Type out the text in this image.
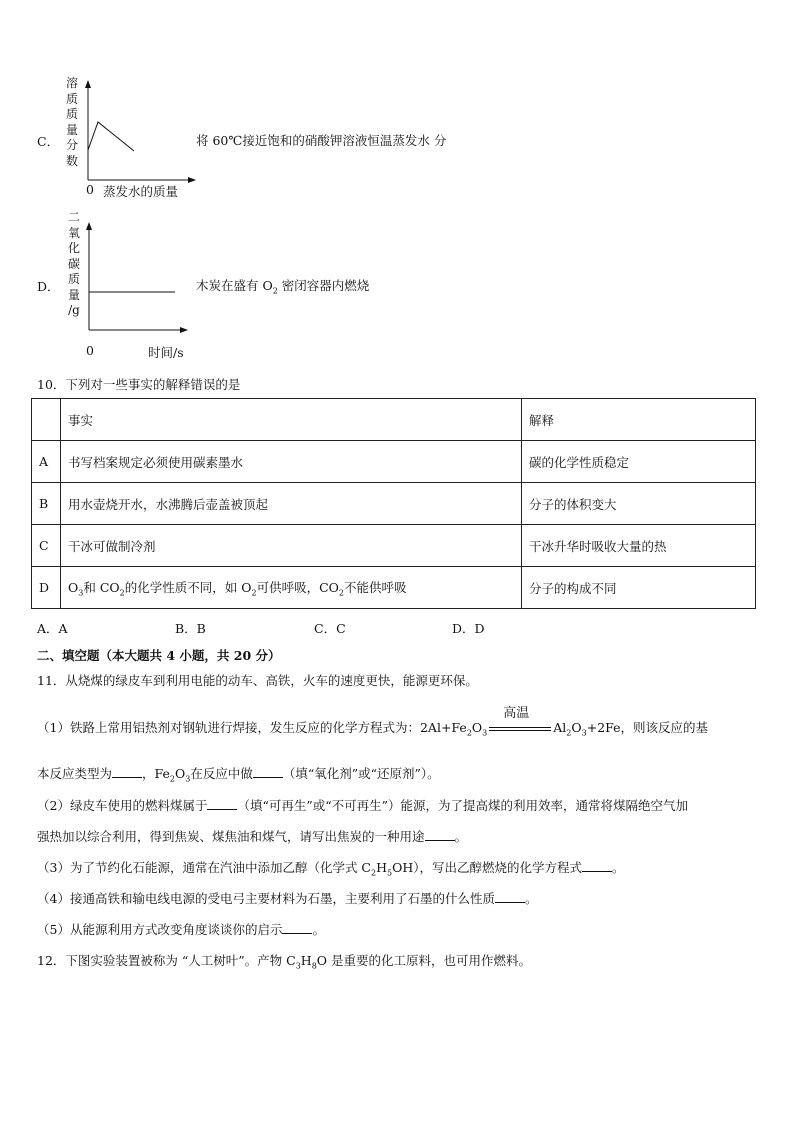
C．
溶
质
质
量
分
数
0 蒸发水的质量
将 60℃接近饱和的硝酸钾溶液恒温蒸发水 分
D．
二
氧
化
碳
质
量
/g
0	时间/s
木炭在盛有 $O_2$ 密闭容器内燃烧
10．下列对一些事实的解释错误的是
	事实	解释
A	书写档案规定必须使用碳素墨水	碳的化学性质稳定
B	用水壶烧开水，水沸腾后壶盖被顶起	分子的体积变大
C	干冰可做制冷剂	干冰升华时吸收大量的热
D	$O_3$和 $CO_2$的化学性质不同，如 $O_2$可供呼吸，$CO_2$不能供呼吸	分子的构成不同
A．A	B．B	C．C	D．D
二、填空题（本大题共 4 小题，共 20 分）
11．从烧煤的绿皮车到利用电能的动车、高铁，火车的速度更快，能源更环保。
（1）铁路上常用铝热剂对钢轨进行焊接，发生反应的化学方程式为：$2Al+Fe_2O_3$
高温
$Al_2O_3+2Fe$，则该反应的基
本反应类型为 ，$Fe_2O_3$在反应中做 （填“氧化剂”或“还原剂”）。
（2）绿皮车使用的燃料煤属于 （填“可再生”或“不可再生”）能源，为了提高煤的利用效率，通常将煤隔绝空气加
强热加以综合利用，得到焦炭、煤焦油和煤气，请写出焦炭的一种用途 。
（3）为了节约化石能源，通常在汽油中添加乙醇（化学式 $C_2H_5OH$），写出乙醇燃烧的化学方程式 。
（4）接通高铁和输电线电源的受电弓主要材料为石墨，主要利用了石墨的什么性质 。
（5）从能源利用方式改变角度谈谈你的启示 。
12．下图实验装置被称为 “人工树叶”。产物 $C_3H_8O$ 是重要的化工原料，也可用作燃料。
